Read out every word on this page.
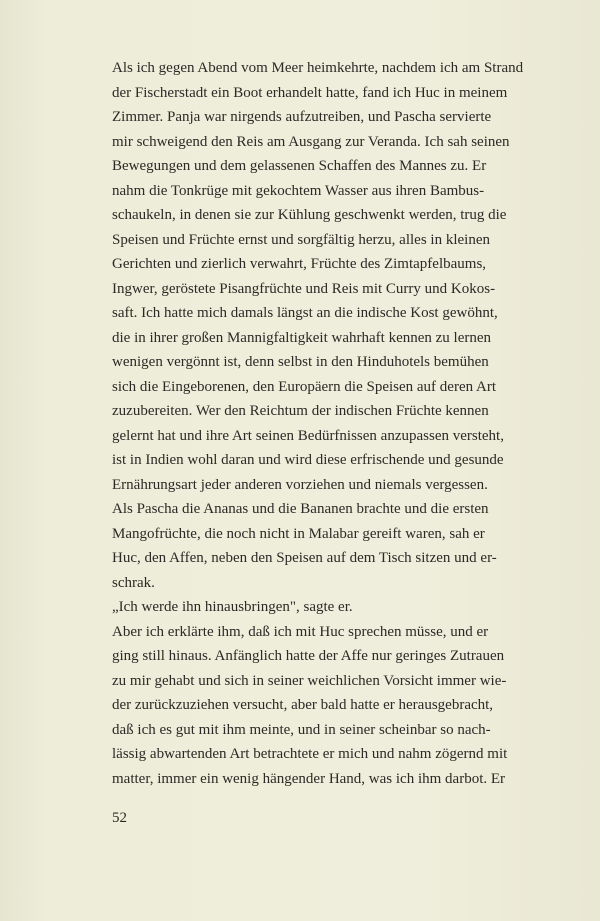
Als ich gegen Abend vom Meer heimkehrte, nachdem ich am Strand
der Fischerstadt ein Boot erhandelt hatte, fand ich Huc in meinem
Zimmer. Panja war nirgends aufzutreiben, und Pascha servierte
mir schweigend den Reis am Ausgang zur Veranda. Ich sah seinen
Bewegungen und dem gelassenen Schaffen des Mannes zu. Er
nahm die Tonkrüge mit gekochtem Wasser aus ihren Bambus-
schaukeln, in denen sie zur Kühlung geschwenkt werden, trug die
Speisen und Früchte ernst und sorgfältig herzu, alles in kleinen
Gerichten und zierlich verwahrt, Früchte des Zimtapfelbaums,
Ingwer, geröstete Pisangfrüchte und Reis mit Curry und Kokos-
saft. Ich hatte mich damals längst an die indische Kost gewöhnt,
die in ihrer großen Mannigfaltigkeit wahrhaft kennen zu lernen
wenigen vergönnt ist, denn selbst in den Hinduhotels bemühen
sich die Eingeborenen, den Europäern die Speisen auf deren Art
zuzubereiten. Wer den Reichtum der indischen Früchte kennen
gelernt hat und ihre Art seinen Bedürfnissen anzupassen versteht,
ist in Indien wohl daran und wird diese erfrischende und gesunde
Ernährungsart jeder anderen vorziehen und niemals vergessen.
Als Pascha die Ananas und die Bananen brachte und die ersten
Mangofrüchte, die noch nicht in Malabar gereift waren, sah er
Huc, den Affen, neben den Speisen auf dem Tisch sitzen und er-
schrak.
„Ich werde ihn hinausbringen", sagte er.
Aber ich erklärte ihm, daß ich mit Huc sprechen müsse, und er
ging still hinaus. Anfänglich hatte der Affe nur geringes Zutrauen
zu mir gehabt und sich in seiner weichlichen Vorsicht immer wie-
der zurückzuziehen versucht, aber bald hatte er herausgebracht,
daß ich es gut mit ihm meinte, und in seiner scheinbar so nach-
lässig abwartenden Art betrachtete er mich und nahm zögernd mit
matter, immer ein wenig hängender Hand, was ich ihm darbot. Er
52
